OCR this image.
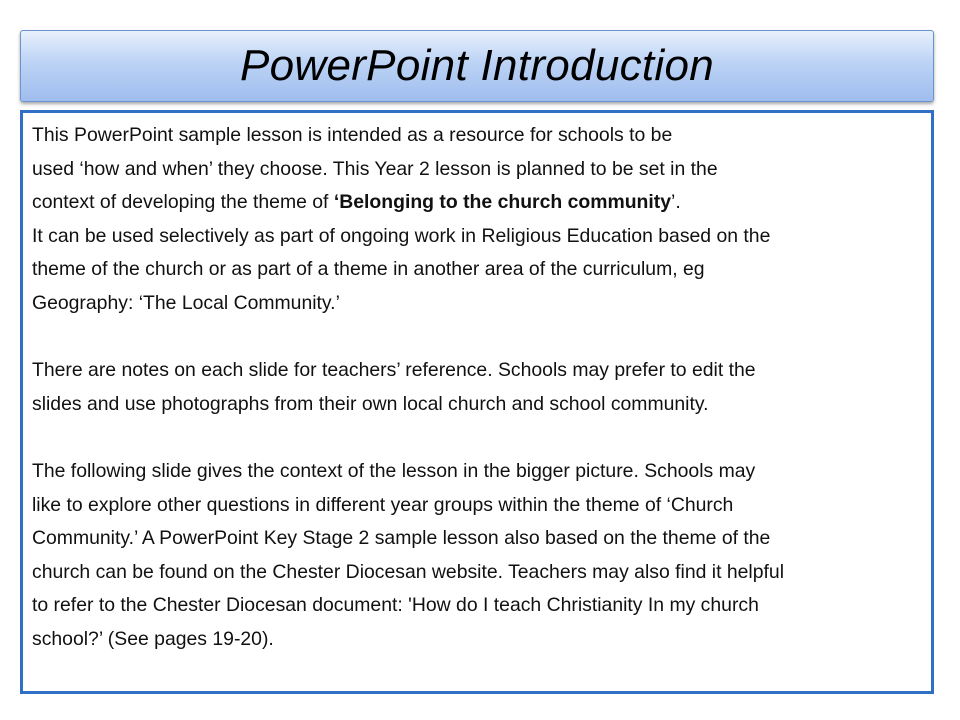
PowerPoint Introduction

This PowerPoint sample lesson is intended as a resource for schools to be
used ‘how and when’ they choose. This Year 2 lesson is planned to be set in the
context of developing the theme of ‘Belonging to the church community’.
It can be used selectively as part of ongoing work in Religious Education based on the
theme of the church or as part of a theme in another area of the curriculum, eg
Geography: ‘The Local Community.’

There are notes on each slide for teachers’ reference. Schools may prefer to edit the
slides and use photographs from their own local church and school community.

The following slide gives the context of the lesson in the bigger picture. Schools may
like to explore other questions in different year groups within the theme of ‘Church
Community.’ A PowerPoint Key Stage 2 sample lesson also based on the theme of the
church can be found on the Chester Diocesan website. Teachers may also find it helpful
to refer to the Chester Diocesan document: 'How do I teach Christianity In my church
school?’ (See pages 19-20).
